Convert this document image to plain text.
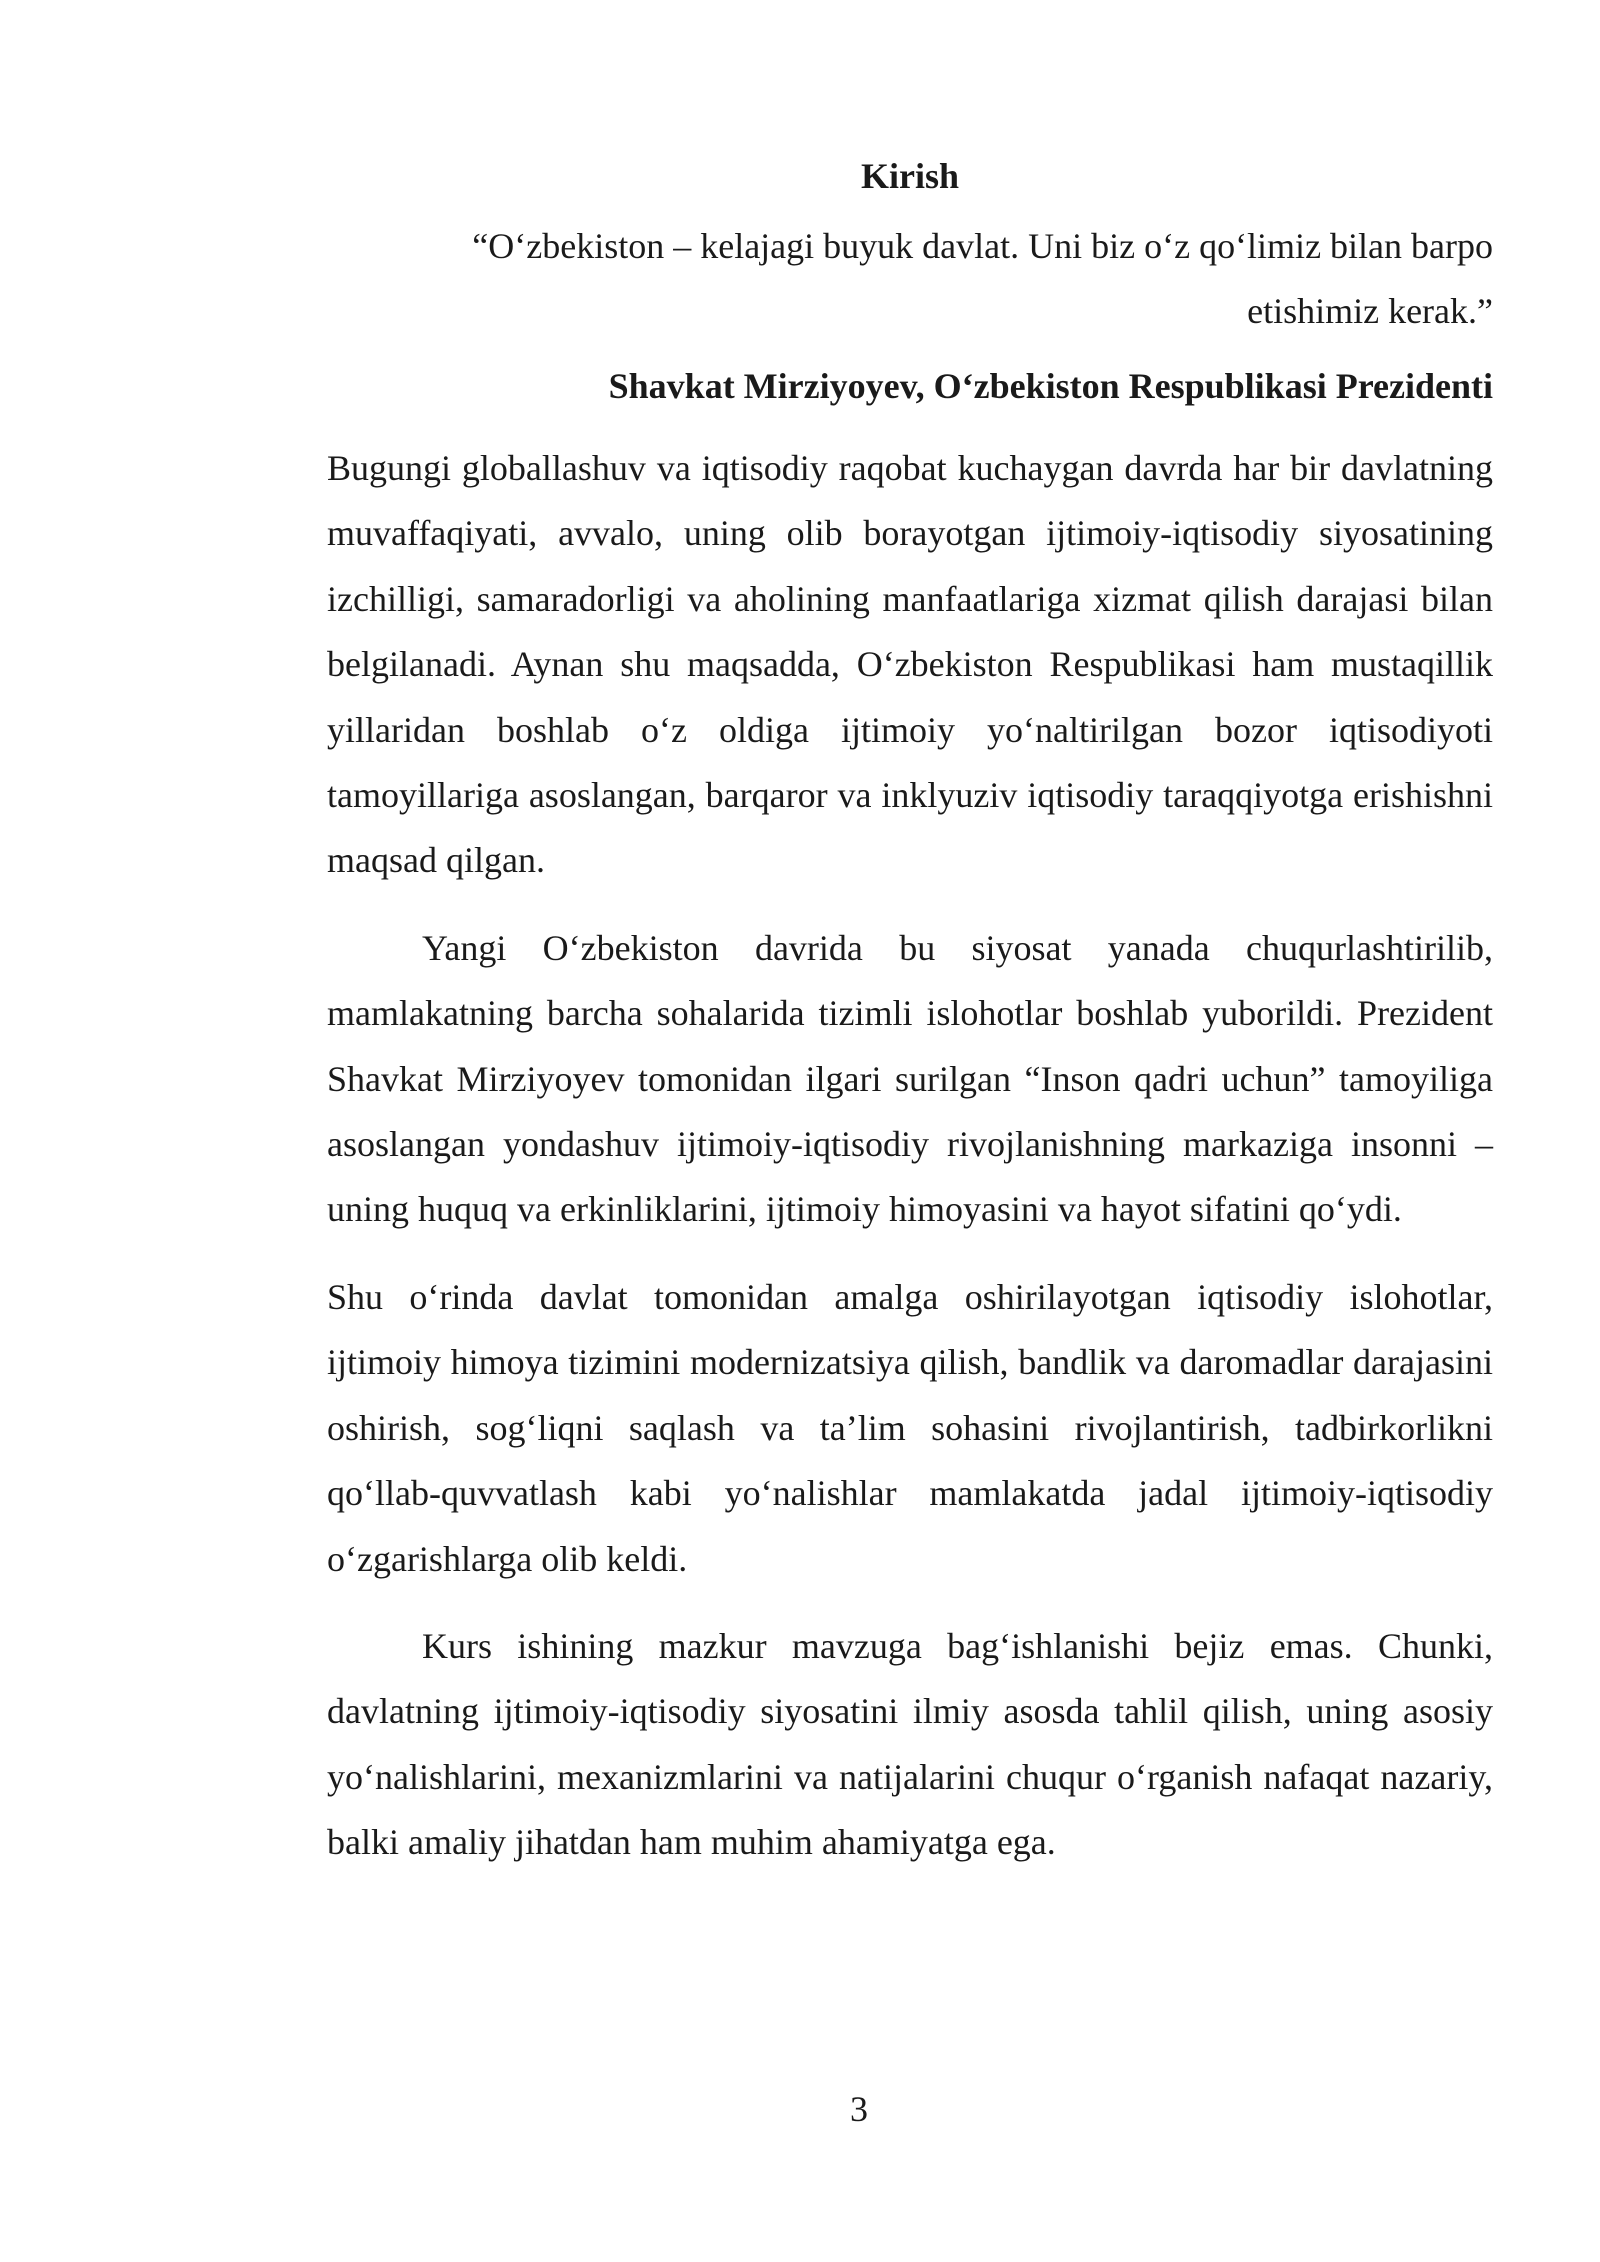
Kirish
“O‘zbekiston – kelajagi buyuk davlat. Uni biz o‘z qo‘limiz bilan barpo etishimiz kerak.”
Shavkat Mirziyoyev, O‘zbekiston Respublikasi Prezidenti

Bugungi globallashuv va iqtisodiy raqobat kuchaygan davrda har bir davlatning muvaffaqiyati, avvalo, uning olib borayotgan ijtimoiy-iqtisodiy siyosatining izchilligi, samaradorligi va aholining manfaatlariga xizmat qilish darajasi bilan belgilanadi. Aynan shu maqsadda, O‘zbekiston Respublikasi ham mustaqillik yillaridan boshlab o‘z oldiga ijtimoiy yo‘naltirilgan bozor iqtisodiyoti tamoyillariga asoslangan, barqaror va inklyuziv iqtisodiy taraqqiyotga erishishni maqsad qilgan.

Yangi O‘zbekiston davrida bu siyosat yanada chuqurlashtirilib, mamlakatning barcha sohalarida tizimli islohotlar boshlab yuborildi. Prezident Shavkat Mirziyoyev tomonidan ilgari surilgan “Inson qadri uchun” tamoyiliga asoslangan yondashuv ijtimoiy-iqtisodiy rivojlanishning markaziga insonni – uning huquq va erkinliklarini, ijtimoiy himoyasini va hayot sifatini qo‘ydi.

Shu o‘rinda davlat tomonidan amalga oshirilayotgan iqtisodiy islohotlar, ijtimoiy himoya tizimini modernizatsiya qilish, bandlik va daromadlar darajasini oshirish, sog‘liqni saqlash va ta’lim sohasini rivojlantirish, tadbirkorlikni qo‘llab-quvvatlash kabi yo‘nalishlar mamlakatda jadal ijtimoiy-iqtisodiy o‘zgarishlarga olib keldi.

Kurs ishining mazkur mavzuga bag‘ishlanishi bejiz emas. Chunki, davlatning ijtimoiy-iqtisodiy siyosatini ilmiy asosda tahlil qilish, uning asosiy yo‘nalishlarini, mexanizmlarini va natijalarini chuqur o‘rganish nafaqat nazariy, balki amaliy jihatdan ham muhim ahamiyatga ega.

3
